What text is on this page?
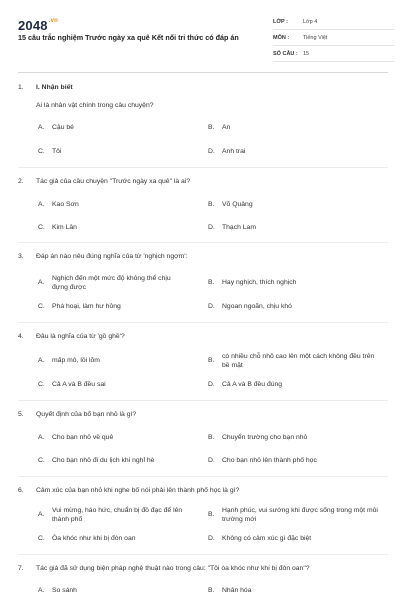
$2048^{.vn}$
15 câu trắc nghiệm Trước ngày xa quê Kết nối tri thức có đáp án
LỚP :	Lớp 4
MÔN :	Tiếng Việt
SỐ CÂU : 15
1.	I. Nhận biết
Ai là nhân vật chính trong câu chuyện?
A.	Cậu bé	B.	An
C.	Tôi	D.	Anh trai
2.	Tác giả của câu chuyện "Trước ngày xa quê" là ai?
A.	Kao Sơn	B.	Võ Quảng
C.	Kim Lân	D.	Thạch Lam
3.	Đáp án nào nêu đúng nghĩa của từ 'nghịch ngợm':
A.
Nghịch đến một mức độ không thể chịu đựng được
B.	Hay nghịch, thích nghịch
C.	Phá hoại, làm hư hỏng	D.	Ngoan ngoãn, chịu khó
4.	Đâu là nghĩa của từ 'gồ ghề'?
A.	mấp mô, lồi lõm	B.
có nhiều chỗ nhô cao lên một cách không đều trên bề mặt
C.	Cả A và B đều sai	D.	Cả A và B đều đúng
5.	Quyết định của bố bạn nhỏ là gì?
A.	Cho bạn nhỏ về quê	B.	Chuyển trường cho bạn nhỏ
C.	Cho bạn nhỏ đi du lịch khi nghỉ hè	D.	Cho bạn nhỏ lên thành phố học
6.	Cảm xúc của bạn nhỏ khi nghe bố nói phải lên thành phố học là gì?
A.
Vui mừng, háo hức, chuẩn bị đồ đạc để lên thành phố
B.
Hạnh phúc, vui sướng khi được sống trong một môi trường mới
C.	Òa khóc như khi bị đòn oan	D.	Không có cảm xúc gì đặc biệt
7.	Tác giả đã sử dụng biện pháp nghệ thuật nào trong câu: "Tôi òa khóc như khi bị đòn oan"?
A.	So sánh	B.	Nhân hóa
